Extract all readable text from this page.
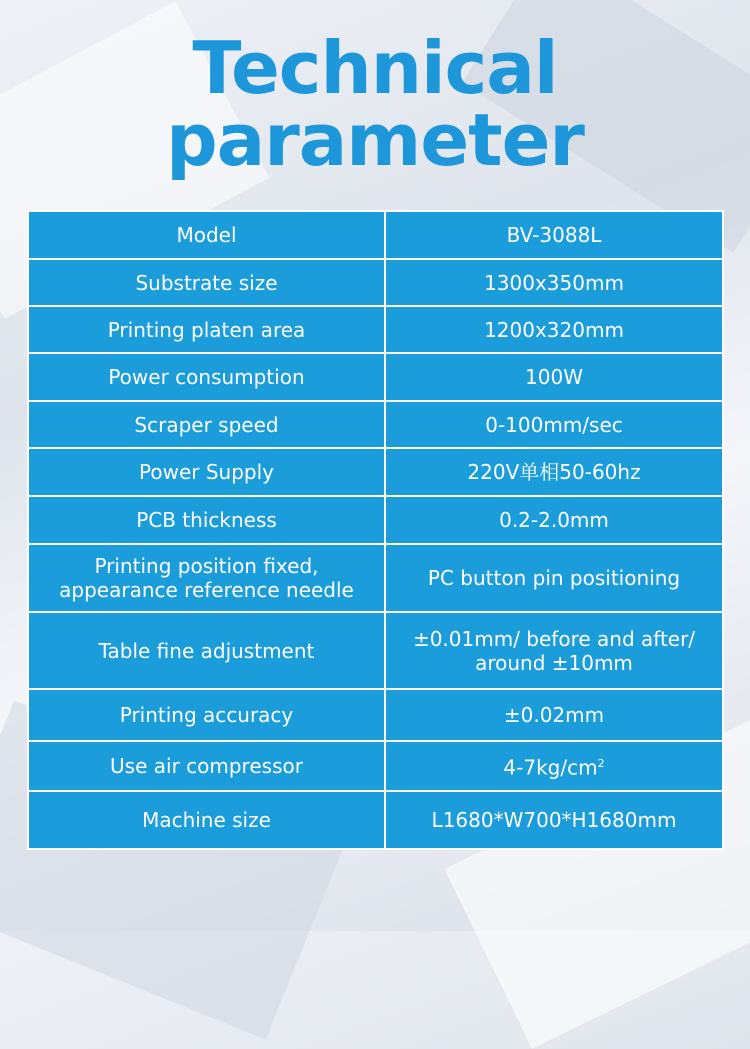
Technical
parameter
Model	BV-3088L
Substrate size	1300x350mm
Printing platen area	1200x320mm
Power consumption	100W
Scraper speed	0-100mm/sec
Power Supply	220V单相50-60hz
PCB thickness	0.2-2.0mm
Printing position fixed, appearance reference needle	PC button pin positioning
Table fine adjustment	±0.01mm/ before and after/ around ±10mm
Printing accuracy	±0.02mm
Use air compressor	$4-7kg/cm^2$
Machine size	L1680*W700*H1680mm
